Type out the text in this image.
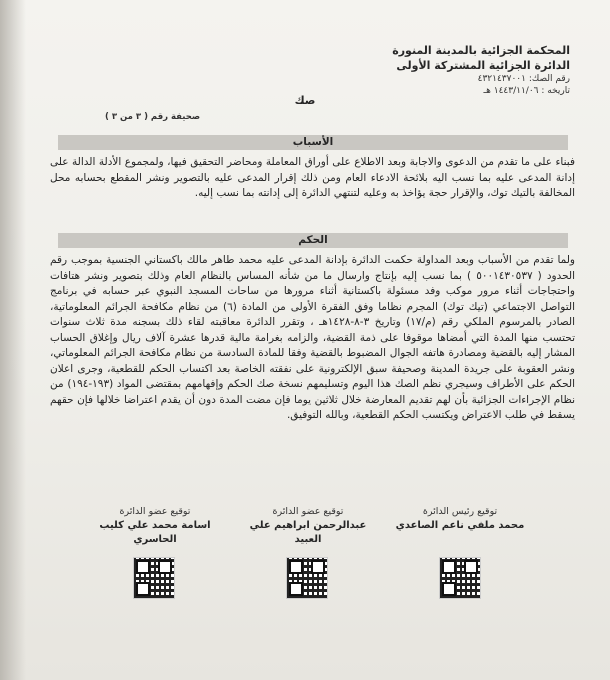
المحكمة الجزائية بالمدينة المنورة

الدائرة الجزائية المشتركة الأولى

رقم الصك: ٤٣٢١٤٣٧٠٠١

تاريخه : ١٤٤٣/١١/٠٦ هـ

صحيفة رقم ( ٣ من ٣ )
صك
الأسباب

فبناء على ما تقدم من الدعوى والاجابة وبعد الاطلاع على أوراق المعاملة ومحاضر التحقيق فيها، ولمجموع الأدلة الدالة على إدانة المدعى عليه بما نسب اليه بلائحة الادعاء العام ومن ذلك إقرار المدعى عليه بالتصوير ونشر المقطع بحسابه محل المخالفة بالتيك توك، والإقرار حجة يؤاخذ به وعليه لتنتهي الدائرة إلى إدانته بما نسب إليه.

الحكم

ولما تقدم من الأسباب وبعد المداولة حكمت الدائرة بإدانة المدعى عليه محمد طاهر مالك باكستاني الجنسية بموجب رقم الحدود ( ٥٠٠١٤٣٠٥٣٧ ) بما نسب إليه بإنتاج وارسال ما من شأنه المساس بالنظام العام وذلك بتصوير ونشر هتافات واحتجاجات أثناء مرور موكب وفد مسئولة باكستانية أثناء مرورها من ساحات المسجد النبوي عبر حسابه في برنامج التواصل الاجتماعي (تيك توك) المجرم نظاما وفق الفقرة الأولى من المادة (٦) من نظام مكافحة الجرائم المعلوماتية، الصادر بالمرسوم الملكي رقم (م/١٧) وتاريخ ٣-٨-١٤٢٨هـ ، وتقرر الدائرة معاقبته لقاء ذلك بسجنه مدة ثلاث سنوات تحتسب منها المدة التي أمضاها موقوفا على ذمة القضية، والزامه بغرامة مالية قدرها عشرة آلاف ريال وإغلاق الحساب المشار إليه بالقضية ومصادرة هاتفه الجوال المضبوط بالقضية وفقا للمادة السادسة من نظام مكافحة الجرائم المعلوماتي، ونشر العقوبة على جريدة المدينة وصحيفة سبق الإلكترونية على نفقته الخاصة بعد اكتساب الحكم للقطعية، وجرى اعلان الحكم على الأطراف وسيجري نظم الصك هذا اليوم وتسليمهم نسخة صك الحكم وإفهامهم بمقتضى المواد (١٩٣-١٩٤) من نظام الإجراءات الجزائية بأن لهم تقديم المعارضة خلال ثلاثين يوما فإن مضت المدة دون أن يقدم اعتراضا خلالها فإن حقهم يسقط في طلب الاعتراض ويكتسب الحكم القطعية، وبالله التوفيق.

توقيع رئيس الدائرة

محمد ملفي ناعم الصاعدي

توقيع عضو الدائرة

عبدالرحمن ابراهيم علي العبيد

توقيع عضو الدائرة

اسامة محمد علي كليب الحاسري
